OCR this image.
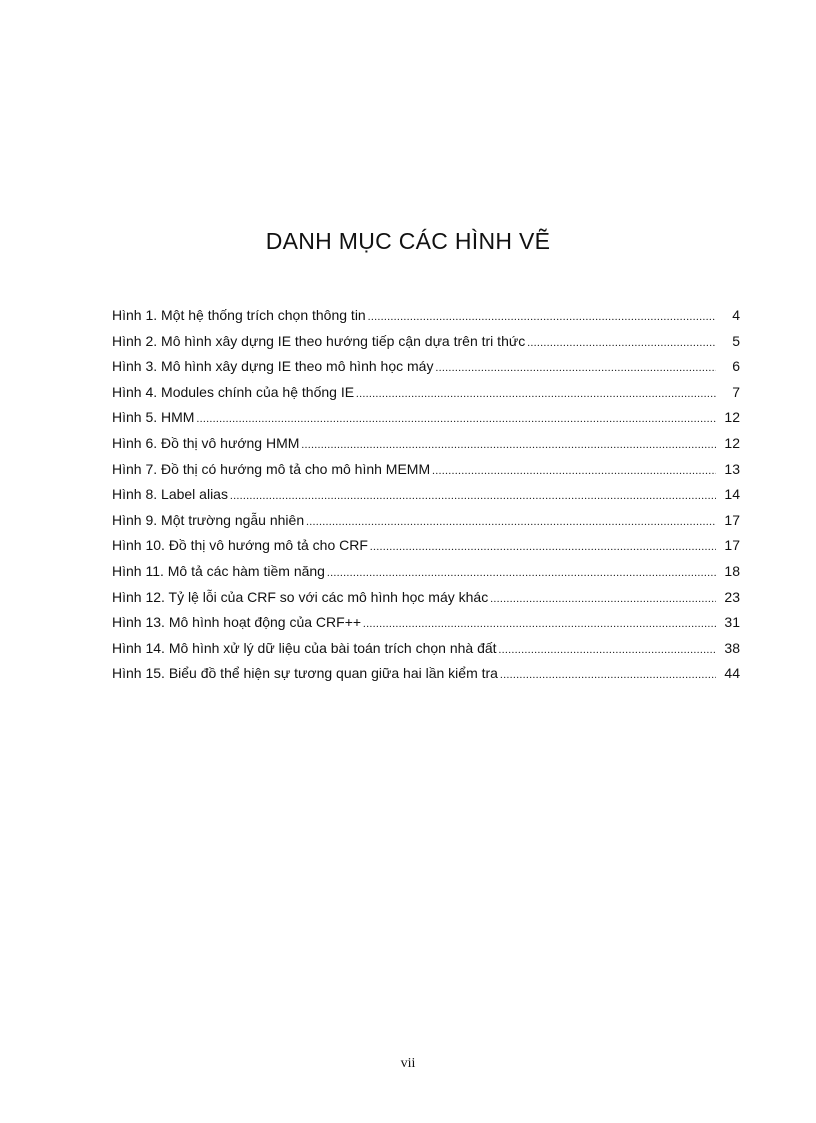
DANH MỤC CÁC HÌNH VẼ
Hình 1. Một hệ thống trích chọn thông tin .....	4
Hình 2. Mô hình xây dựng IE theo hướng tiếp cận dựa trên tri thức .....	5
Hình 3. Mô hình xây dựng IE theo mô hình học máy .....	6
Hình 4. Modules chính của hệ thống IE .....	7
Hình 5. HMM .....	12
Hình 6. Đồ thị vô hướng HMM .....	12
Hình 7. Đồ thị có hướng mô tả cho mô hình MEMM .....	13
Hình 8. Label alias .....	14
Hình 9. Một trường ngẫu nhiên .....	17
Hình 10. Đồ thị vô hướng mô tả cho CRF .....	17
Hình 11. Mô tả các hàm tiềm năng .....	18
Hình 12. Tỷ lệ lỗi của CRF so với các mô hình học máy khác .....	23
Hình 13. Mô hình hoạt động của CRF++ .....	31
Hình 14. Mô hình xử lý dữ liệu của bài toán trích chọn nhà đất .....	38
Hình 15. Biểu đồ thể hiện sự tương quan giữa hai lần kiểm tra .....	44
vii
